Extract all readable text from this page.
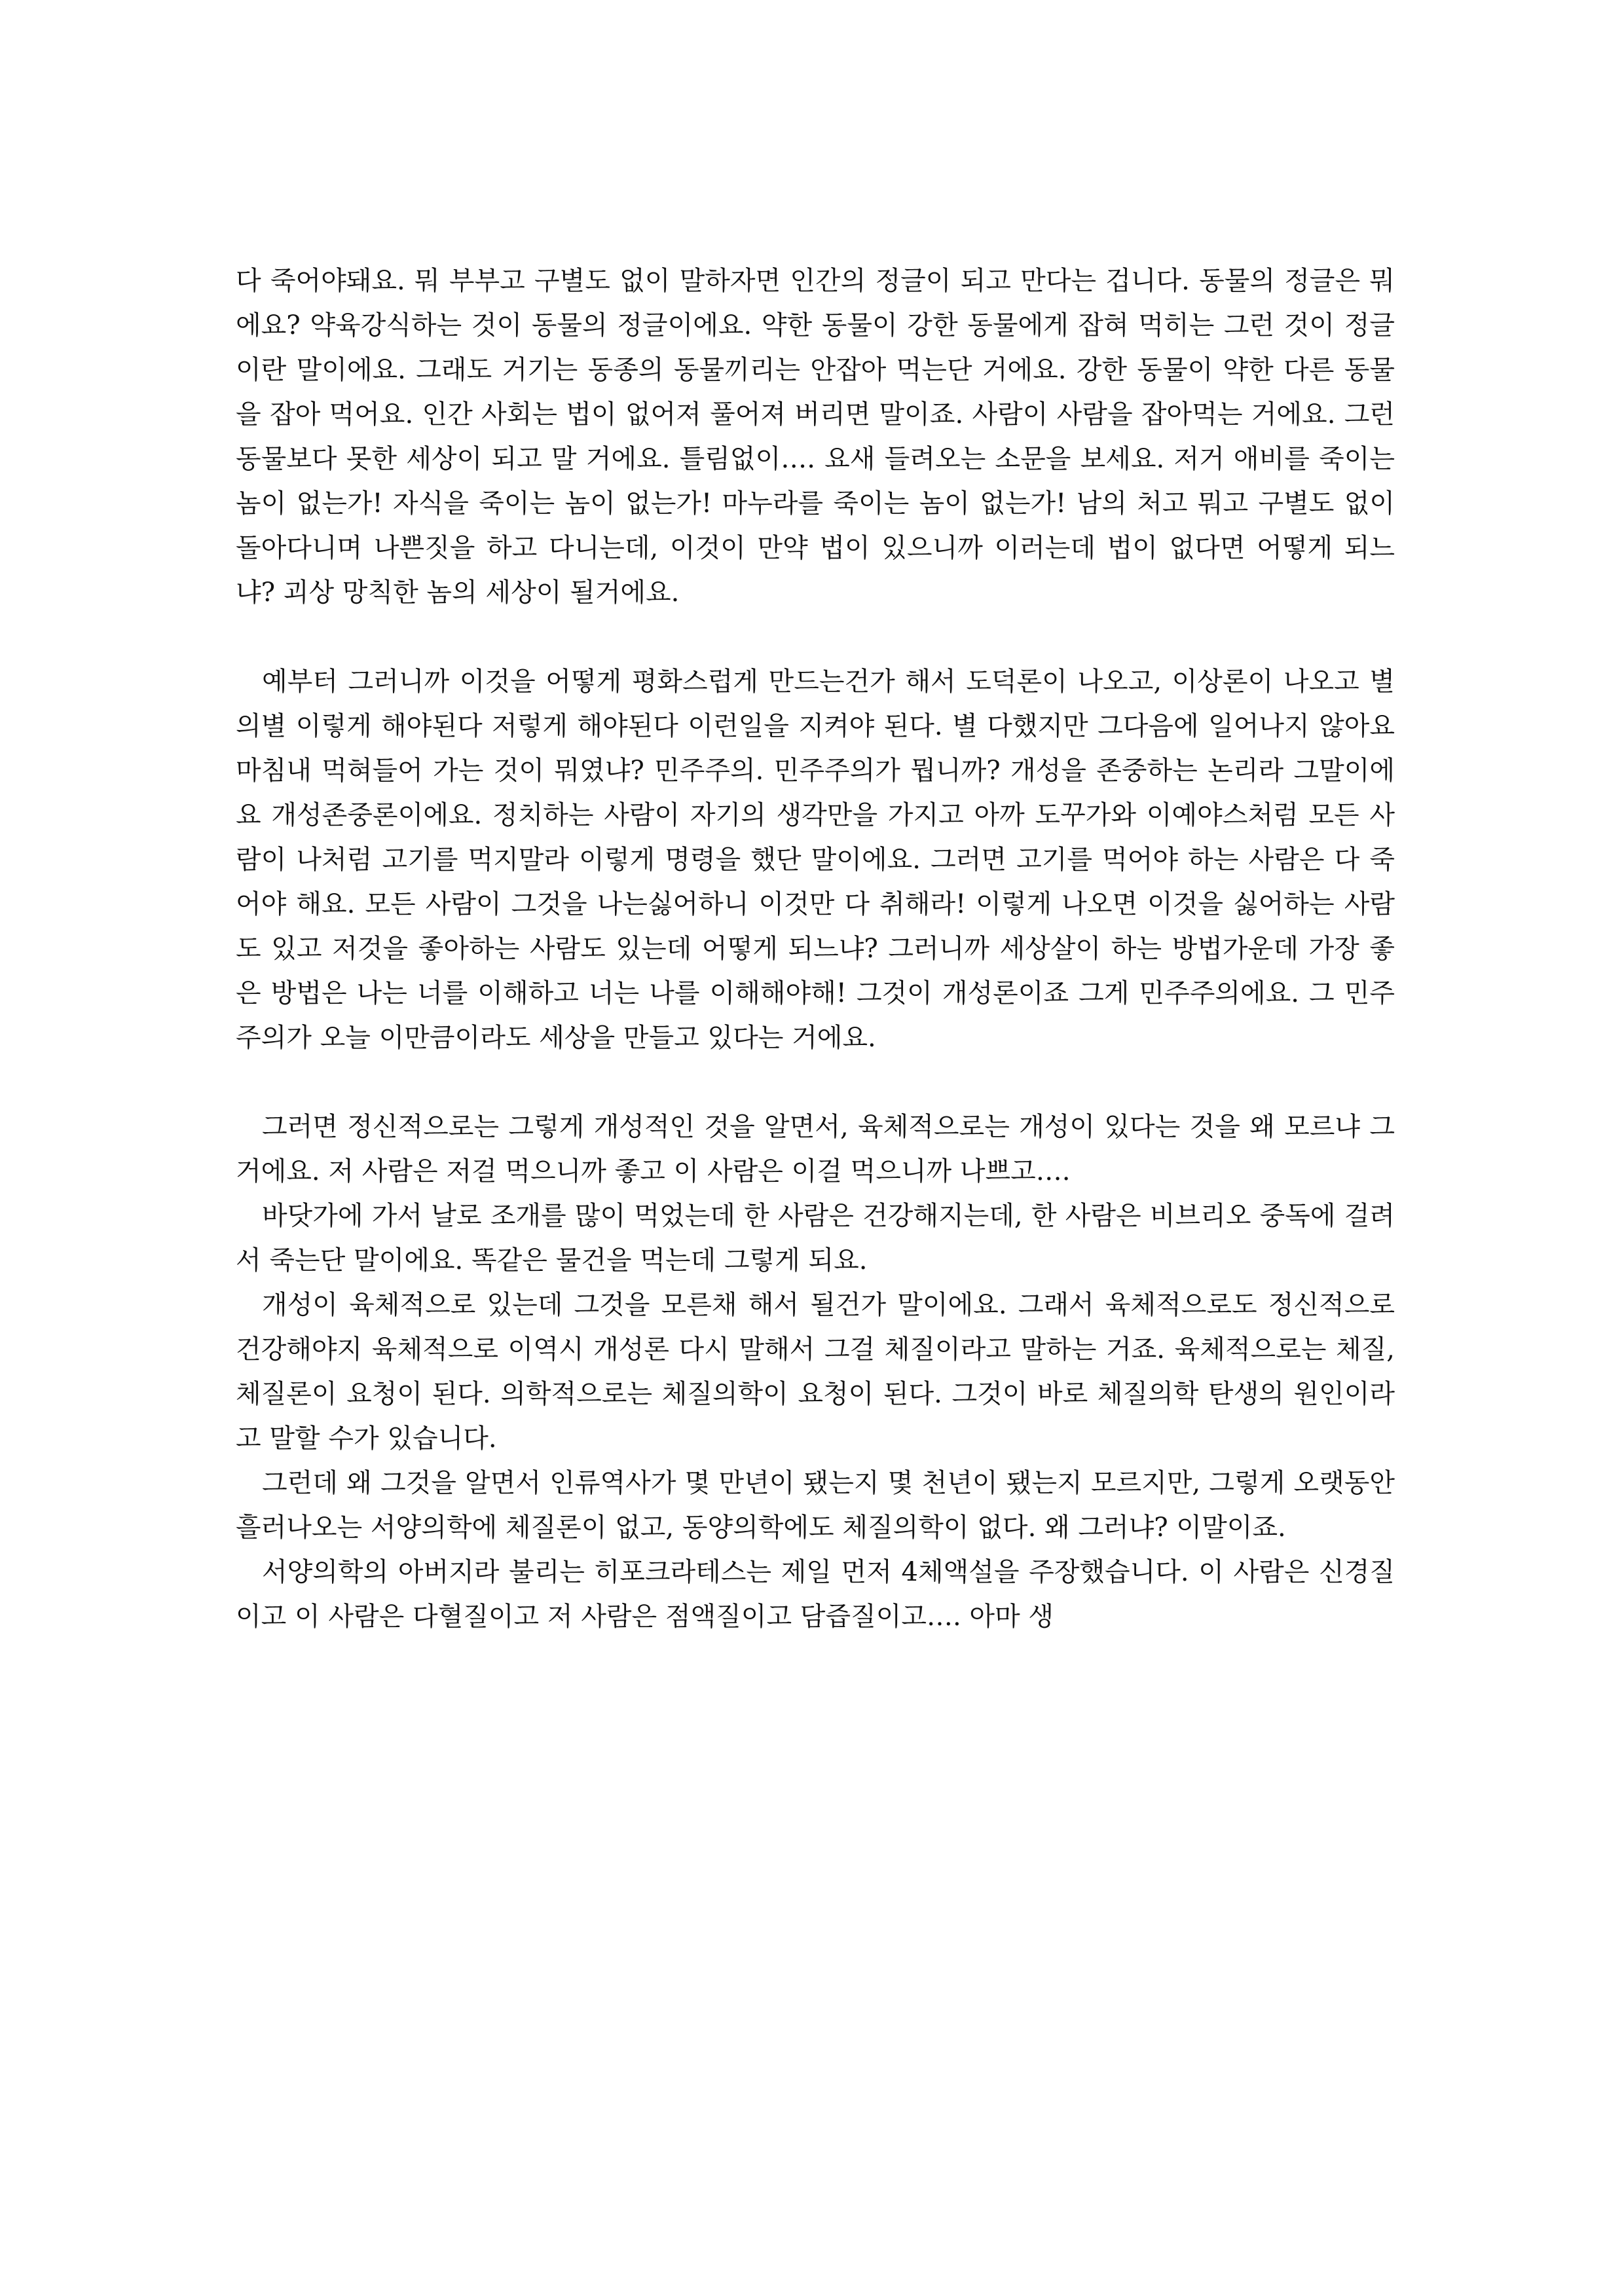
다 죽어야돼요. 뭐 부부고 구별도 없이 말하자면 인간의 정글이 되고 만다는 겁니다. 동물의 정글은 뭐에요? 약육강식하는 것이 동물의 정글이에요. 약한 동물이 강한 동물에게 잡혀 먹히는 그런 것이 정글이란 말이에요. 그래도 거기는 동종의 동물끼리는 안잡아 먹는단 거에요. 강한 동물이 약한 다른 동물을 잡아 먹어요. 인간 사회는 법이 없어져 풀어져 버리면 말이죠. 사람이 사람을 잡아먹는 거에요. 그런 동물보다 못한 세상이 되고 말 거에요. 틀림없이…. 요새 들려오는 소문을 보세요. 저거 애비를 죽이는 놈이 없는가! 자식을 죽이는 놈이 없는가! 마누라를 죽이는 놈이 없는가! 남의 처고 뭐고 구별도 없이 돌아다니며 나쁜짓을 하고 다니는데, 이것이 만약 법이 있으니까 이러는데 법이 없다면 어떻게 되느냐? 괴상 망칙한 놈의 세상이 될거에요.

예부터 그러니까 이것을 어떻게 평화스럽게 만드는건가 해서 도덕론이 나오고, 이상론이 나오고 별의별 이렇게 해야된다 저렇게 해야된다 이런일을 지켜야 된다. 별 다했지만 그다음에 일어나지 않아요 마침내 먹혀들어 가는 것이 뭐였냐? 민주주의. 민주주의가 뭡니까? 개성을 존중하는 논리라 그말이에요 개성존중론이에요. 정치하는 사람이 자기의 생각만을 가지고 아까 도꾸가와 이예야스처럼 모든 사람이 나처럼 고기를 먹지말라 이렇게 명령을 했단 말이에요. 그러면 고기를 먹어야 하는 사람은 다 죽어야 해요. 모든 사람이 그것을 나는싫어하니 이것만 다 취해라! 이렇게 나오면 이것을 싫어하는 사람도 있고 저것을 좋아하는 사람도 있는데 어떻게 되느냐? 그러니까 세상살이 하는 방법가운데 가장 좋은 방법은 나는 너를 이해하고 너는 나를 이해해야해! 그것이 개성론이죠 그게 민주주의에요. 그 민주주의가 오늘 이만큼이라도 세상을 만들고 있다는 거에요.

그러면 정신적으로는 그렇게 개성적인 것을 알면서, 육체적으로는 개성이 있다는 것을 왜 모르냐 그거에요. 저 사람은 저걸 먹으니까 좋고 이 사람은 이걸 먹으니까 나쁘고….

바닷가에 가서 날로 조개를 많이 먹었는데 한 사람은 건강해지는데, 한 사람은 비브리오 중독에 걸려서 죽는단 말이에요. 똑같은 물건을 먹는데 그렇게 되요.

개성이 육체적으로 있는데 그것을 모른채 해서 될건가 말이에요. 그래서 육체적으로도 정신적으로 건강해야지 육체적으로 이역시 개성론 다시 말해서 그걸 체질이라고 말하는 거죠. 육체적으로는 체질, 체질론이 요청이 된다. 의학적으로는 체질의학이 요청이 된다. 그것이 바로 체질의학 탄생의 원인이라고 말할 수가 있습니다.

그런데 왜 그것을 알면서 인류역사가 몇 만년이 됐는지 몇 천년이 됐는지 모르지만, 그렇게 오랫동안 흘러나오는 서양의학에 체질론이 없고, 동양의학에도 체질의학이 없다. 왜 그러냐? 이말이죠.

서양의학의 아버지라 불리는 히포크라테스는 제일 먼저 4체액설을 주장했습니다. 이 사람은 신경질이고 이 사람은 다혈질이고 저 사람은 점액질이고 담즙질이고…. 아마 생
